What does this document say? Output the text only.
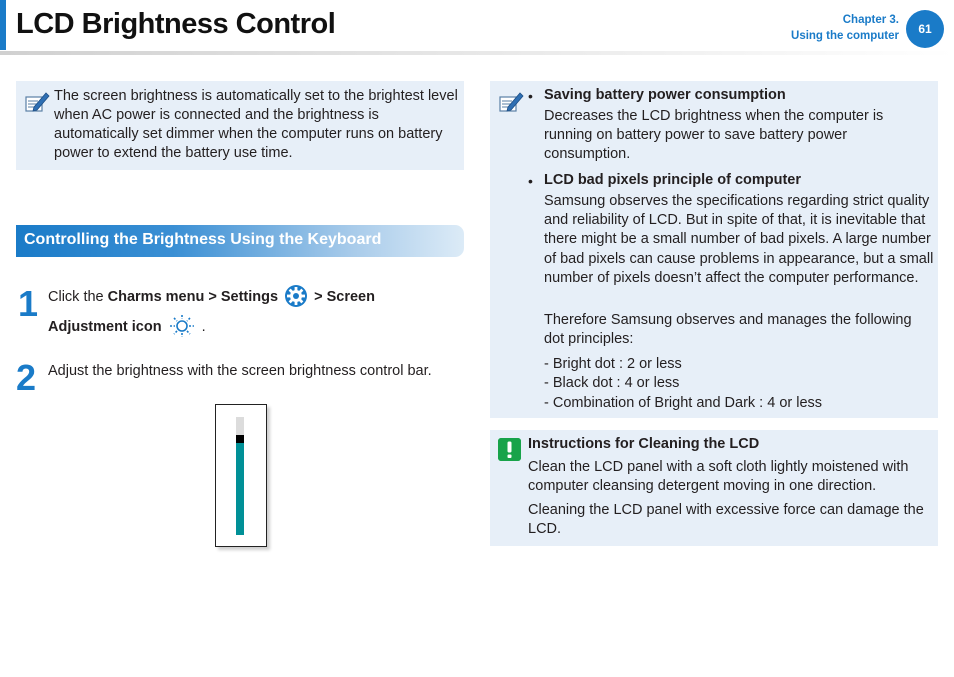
LCD Brightness Control	Chapter 3.
Using the computer	61

The screen brightness is automatically set to the brightest level when AC power is connected and the brightness is automatically set dimmer when the computer runs on battery power to extend the battery use time.

Controlling the Brightness Using the Keyboard
1 Click the Charms menu > Settings  > Screen
Adjustment icon	.
2 Adjust the brightness with the screen brightness control bar.
• Saving battery power consumption

Decreases the LCD brightness when the computer is running on battery power to save battery power consumption.

• LCD bad pixels principle of computer

Samsung observes the specifications regarding strict quality and reliability of LCD. But in spite of that, it is inevitable that there might be a small number of bad pixels. A large number of bad pixels can cause problems in appearance, but a small number of pixels doesn’t affect the computer performance.

Therefore Samsung observes and manages the following dot principles:

- Bright dot : 2 or less

- Black dot : 4 or less

- Combination of Bright and Dark : 4 or less

Instructions for Cleaning the LCD

Clean the LCD panel with a soft cloth lightly moistened with computer cleansing detergent moving in one direction.

Cleaning the LCD panel with excessive force can damage the LCD.
